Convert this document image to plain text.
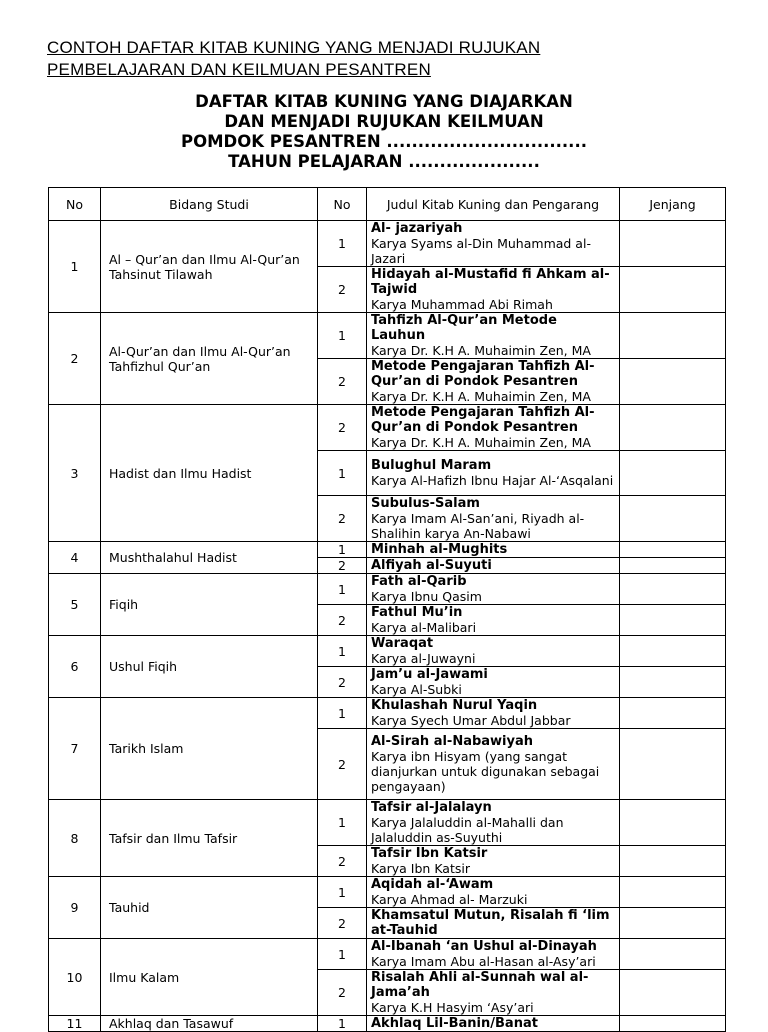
CONTOH DAFTAR KITAB KUNING YANG MENJADI RUJUKAN
PEMBELAJARAN DAN KEILMUAN PESANTREN
DAFTAR KITAB KUNING YANG DIAJARKAN
DAN MENJADI RUJUKAN KEILMUAN
POMDOK PESANTREN ................................
TAHUN PELAJARAN .....................
No	Bidang Studi	No	Judul Kitab Kuning dan Pengarang	Jenjang
1	Al – Qur’an dan Ilmu Al-Qur’an Tahsinut Tilawah	1	Al- jazariyah
Karya Syams al-Din Muhammad al-Jazari	

		2	Hidayah al-Mustafid fi Ahkam al-Tajwid
Karya Muhammad Abi Rimah	

2	Al-Qur’an dan Ilmu Al-Qur’an Tahfizhul Qur’an	1	Tahfizh Al-Qur’an Metode Lauhun
Karya Dr. K.H A. Muhaimin Zen, MA	

		2	Metode Pengajaran Tahfizh Al-Qur’an di Pondok Pesantren
Karya Dr. K.H A. Muhaimin Zen, MA	

3	Hadist dan Ilmu Hadist	2	Metode Pengajaran Tahfizh Al-Qur’an di Pondok Pesantren
Karya Dr. K.H A. Muhaimin Zen, MA	

		1	Bulughul Maram
Karya Al-Hafizh Ibnu Hajar Al-‘Asqalani	

		2	Subulus-Salam
Karya Imam Al-San’ani, Riyadh al-Shalihin karya An-Nabawi	

4	Mushthalahul Hadist	1	Minhah al-Mughits	

		2	Alfiyah al-Suyuti	

5	Fiqih	1	Fath al-Qarib
Karya Ibnu Qasim	

		2	Fathul Mu’in
Karya al-Malibari	

6	Ushul Fiqih	1	Waraqat
Karya al-Juwayni	

		2	Jam’u al-Jawami
Karya Al-Subki	

7	Tarikh Islam	1	Khulashah Nurul Yaqin
Karya Syech Umar Abdul Jabbar	

		2	Al-Sirah al-Nabawiyah
Karya ibn Hisyam (yang sangat dianjurkan untuk digunakan sebagai pengayaan)	

8	Tafsir dan Ilmu Tafsir	1	Tafsir al-Jalalayn
Karya Jalaluddin al-Mahalli dan Jalaluddin as-Suyuthi	

		2	Tafsir Ibn Katsir
Karya Ibn Katsir	

9	Tauhid	1	Aqidah al-‘Awam
Karya Ahmad al- Marzuki	

		2	Khamsatul Mutun, Risalah fi ‘lim at-Tauhid	

10	Ilmu Kalam	1	Al-Ibanah ‘an Ushul al-Dinayah
Karya Imam Abu al-Hasan al-Asy’ari	

		2	Risalah Ahli al-Sunnah wal al-Jama’ah
Karya K.H Hasyim ‘Asy’ari	

11	Akhlaq dan Tasawuf	1	Akhlaq Lil-Banin/Banat	
